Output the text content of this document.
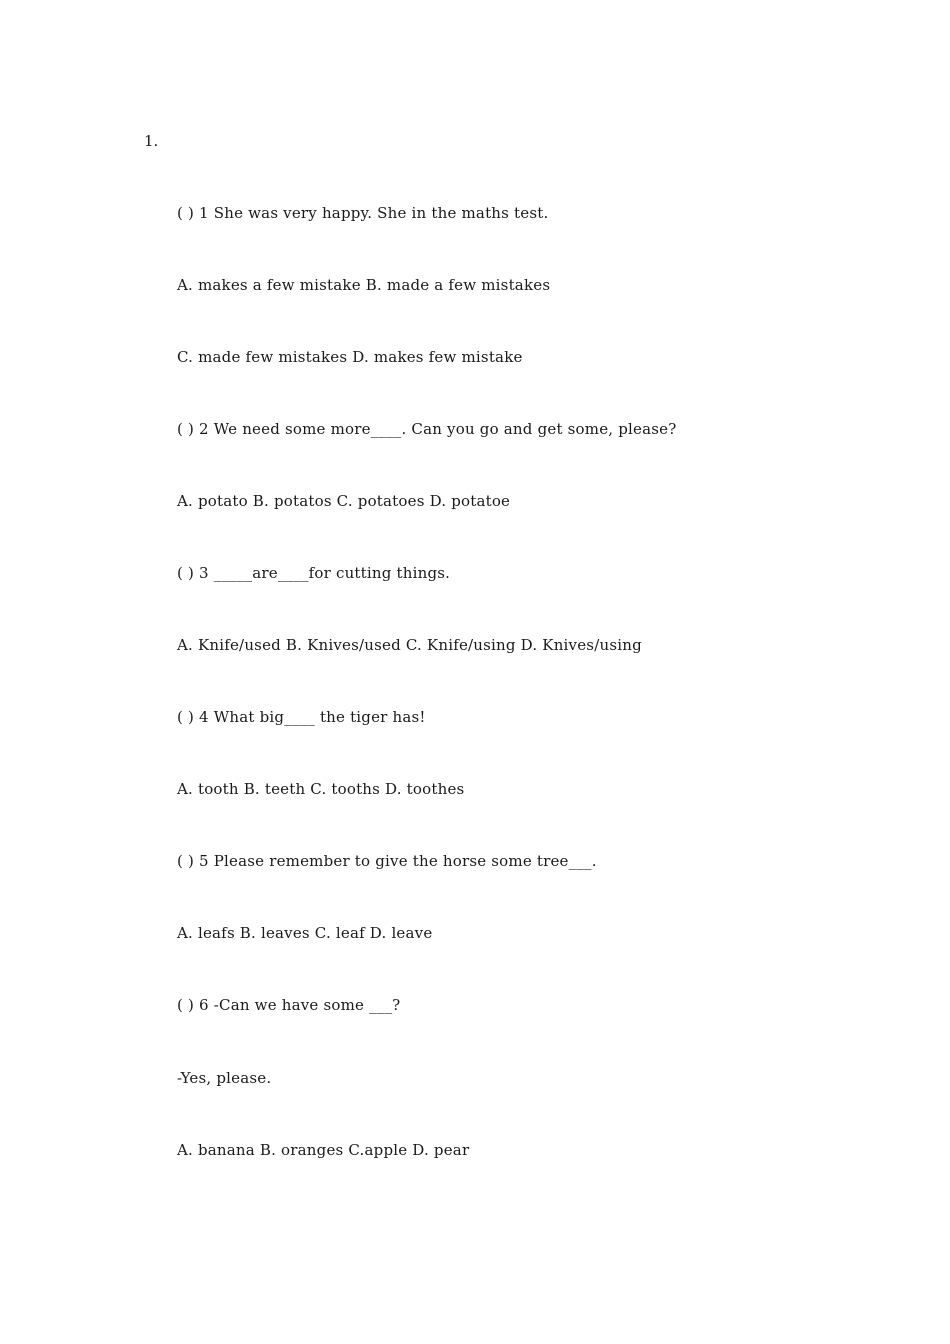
1.
( ) 1 She was very happy. She in the maths test.
A. makes a few mistake B. made a few mistakes
C. made few mistakes D. makes few mistake
( ) 2 We need some more____. Can you go and get some, please?
A. potato B. potatos C. potatoes D. potatoe
( ) 3 _____are____for cutting things.
A. Knife/used B. Knives/used C. Knife/using D. Knives/using
( ) 4 What big____ the tiger has!
A. tooth B. teeth C. tooths D. toothes
( ) 5 Please remember to give the horse some tree___.
A. leafs B. leaves C. leaf D. leave
( ) 6 -Can we have some ___?
-Yes, please.
A. banana B. oranges C.apple D. pear
